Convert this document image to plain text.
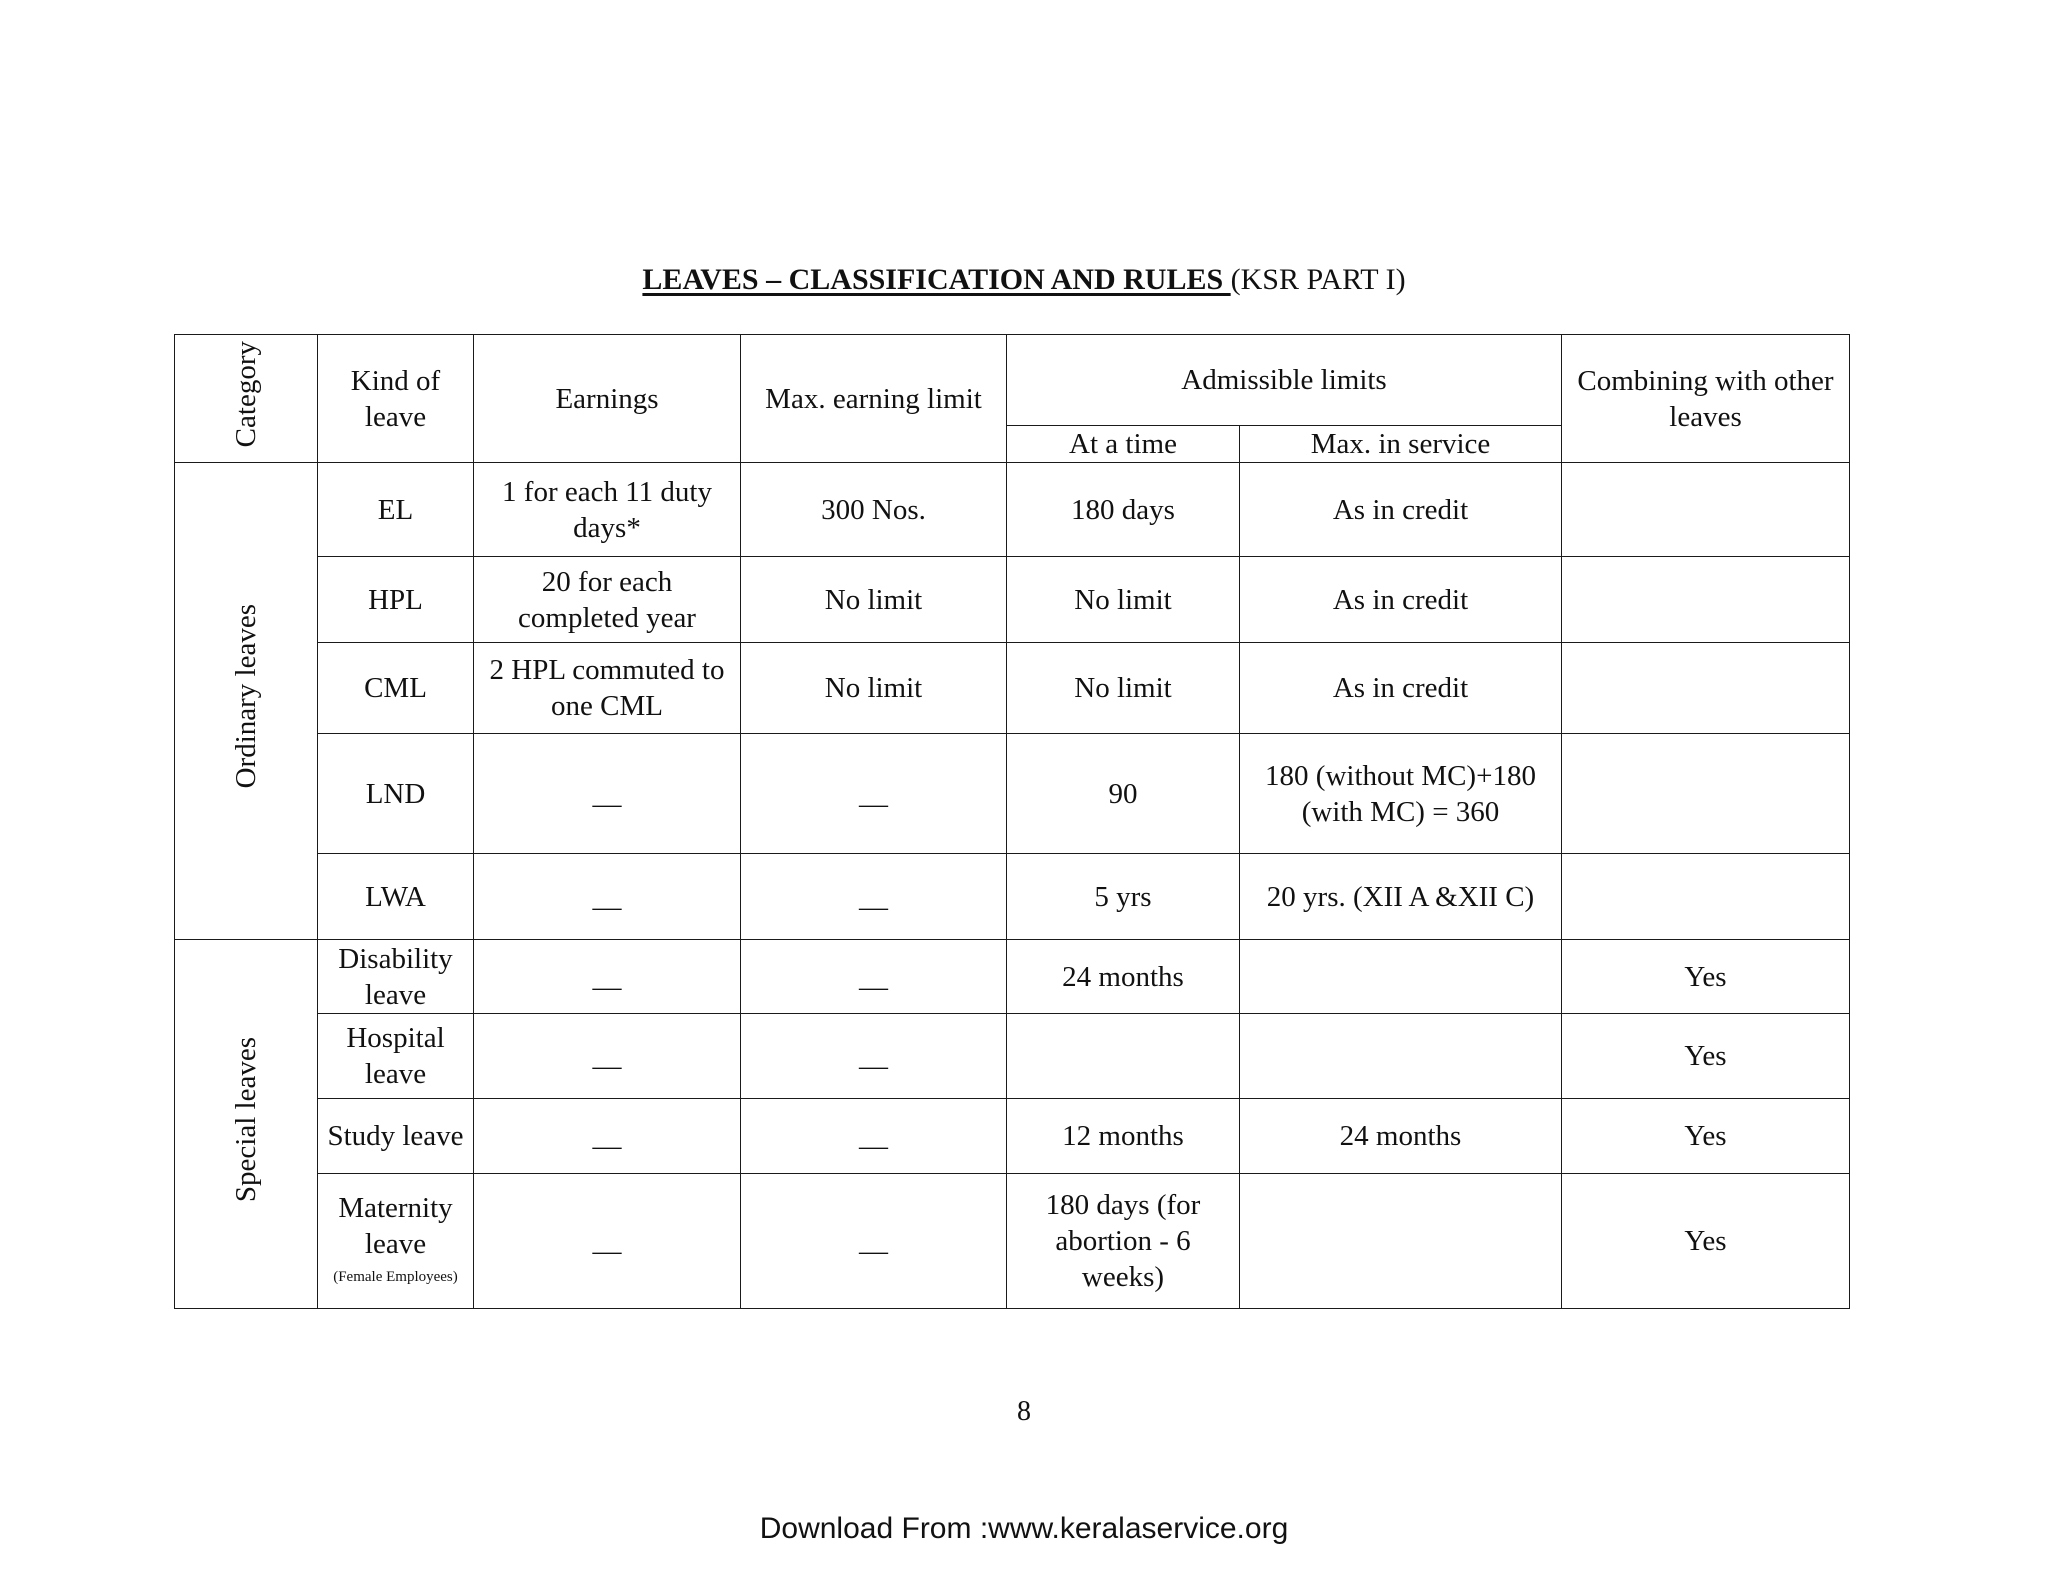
LEAVES – CLASSIFICATION AND RULES (KSR PART I)
Category	Kind of leave	Earnings	Max. earning limit	Admissible limits		Combining with other leaves
				At a time	Max. in service	
Ordinary leaves	EL	1 for each 11 duty days*	300 Nos.	180 days	As in credit	
	HPL	20 for each completed year	No limit	No limit	As in credit	
	CML	2 HPL commuted to one CML	No limit	No limit	As in credit	
	LND	—	—	90	180 (without MC)+180 (with MC) = 360	
	LWA	—	—	5 yrs	20 yrs. (XII A &XII C)	
Special leaves	Disability leave	—	—	24 months		Yes
	Hospital leave	—	—			Yes
	Study leave	—	—	12 months	24 months	Yes
	Maternity leave
(Female Employees)	—	—	180 days (for abortion - 6 weeks)		Yes
8
Download From :www.keralaservice.org
